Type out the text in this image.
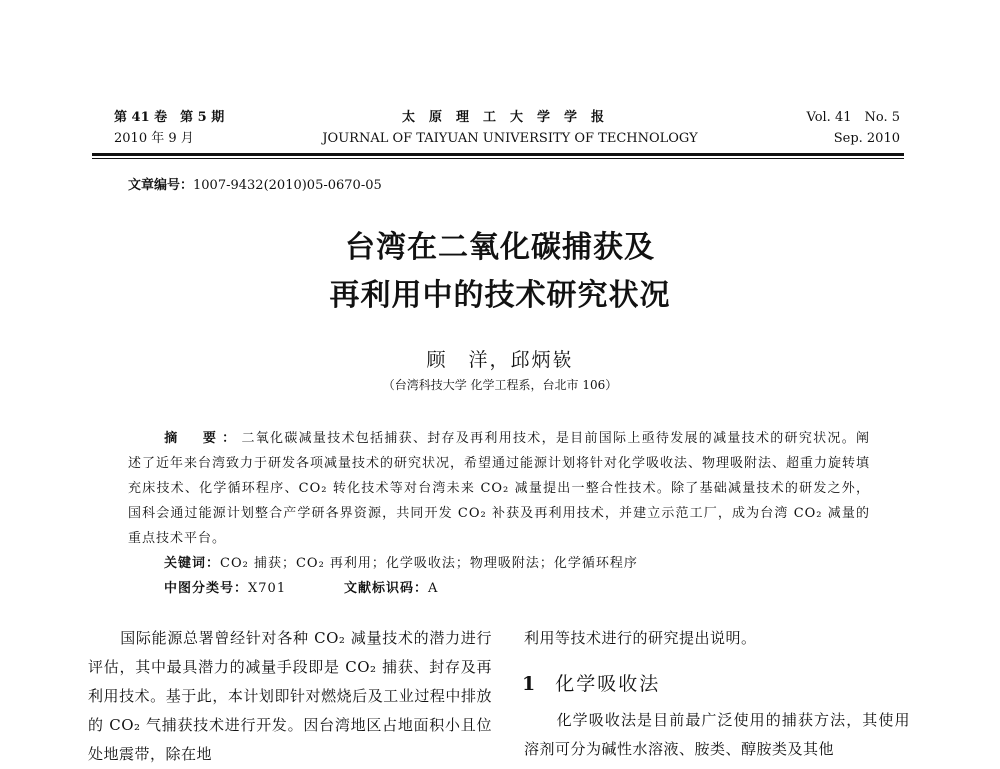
第 41 卷　第 5 期
2010 年 9 月
太原理工大学学报
JOURNAL OF TAIYUAN UNIVERSITY OF TECHNOLOGY
Vol. 41　No. 5
Sep. 2010
文章编号：1007-9432(2010)05-0670-05
台湾在二氧化碳捕获及
再利用中的技术研究状况
顾　洋，邱炳嵚
（台湾科技大学 化学工程系，台北市 106）
摘　要：二氧化碳减量技术包括捕获、封存及再利用技术，是目前国际上亟待发展的减量技术的研究状况。阐述了近年来台湾致力于研发各项减量技术的研究状况，希望通过能源计划将针对化学吸收法、物理吸附法、超重力旋转填充床技术、化学循环程序、CO₂ 转化技术等对台湾未来 CO₂ 减量提出一整合性技术。除了基础减量技术的研发之外，国科会通过能源计划整合产学研各界资源，共同开发 CO₂ 补获及再利用技术，并建立示范工厂，成为台湾 CO₂ 减量的重点技术平台。
关键词：CO₂ 捕获；CO₂ 再利用；化学吸收法；物理吸附法；化学循环程序
中图分类号：X701	文献标识码：A
国际能源总署曾经针对各种 CO₂ 减量技术的潜力进行评估，其中最具潜力的减量手段即是 CO₂ 捕获、封存及再利用技术。基于此，本计划即针对燃烧后及工业过程中排放的 CO₂ 气捕获技术进行开发。因台湾地区占地面积小且位处地震带，除在地
利用等技术进行的研究提出说明。
1 化学吸收法
化学吸收法是目前最广泛使用的捕获方法，其使用溶剂可分为碱性水溶液、胺类、醇胺类及其他
